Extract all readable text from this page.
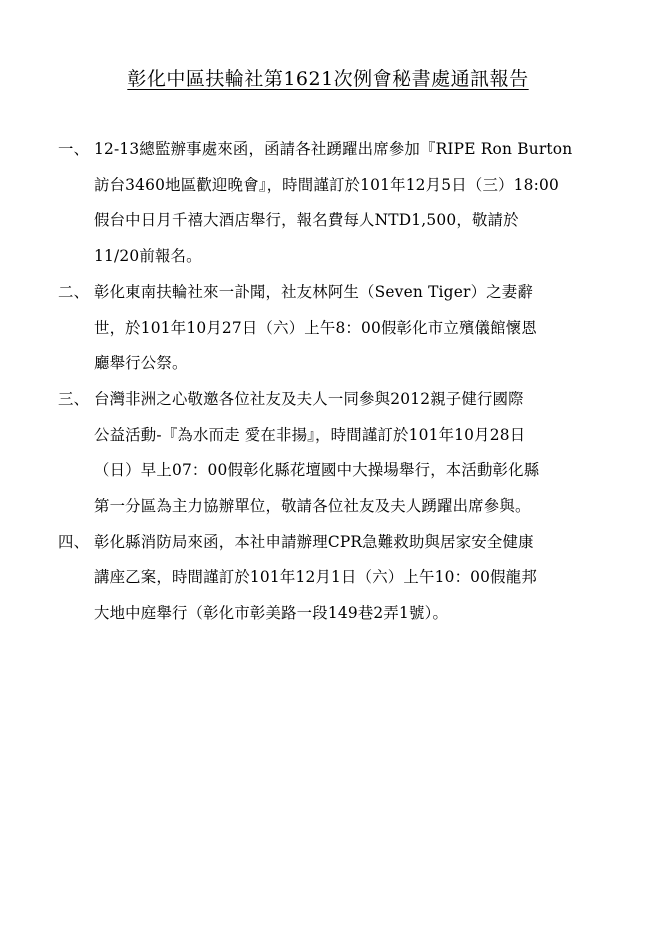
彰化中區扶輪社第1621次例會秘書處通訊報告
一、 12-13總監辦事處來函，函請各社踴躍出席參加『RIPE Ron Burton
訪台3460地區歡迎晚會』，時間謹訂於101年12月5日（三）18:00
假台中日月千禧大酒店舉行，報名費每人NTD1,500，敬請於
11/20前報名。
二、 彰化東南扶輪社來一訃聞，社友林阿生（Seven Tiger）之妻辭
世，於101年10月27日（六）上午8：00假彰化市立殯儀館懷恩
廳舉行公祭。
三、 台灣非洲之心敬邀各位社友及夫人一同參與2012親子健行國際
公益活動-『為水而走 愛在非揚』，時間謹訂於101年10月28日
（日）早上07：00假彰化縣花壇國中大操場舉行，本活動彰化縣
第一分區為主力協辦單位，敬請各位社友及夫人踴躍出席參與。
四、 彰化縣消防局來函，本社申請辦理CPR急難救助與居家安全健康
講座乙案，時間謹訂於101年12月1日（六）上午10：00假龍邦
大地中庭舉行（彰化市彰美路一段149巷2弄1號）。
